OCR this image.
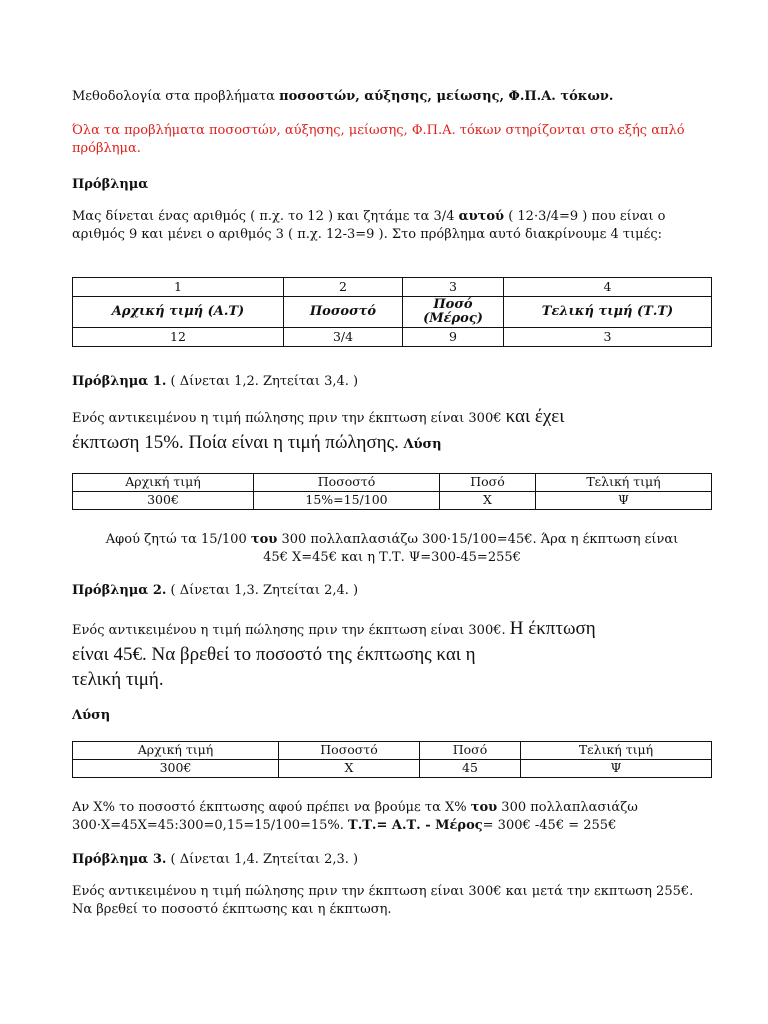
Μεθοδολογία στα προβλήματα ποσοστών, αύξησης, μείωσης, Φ.Π.Α. τόκων.

Όλα τα προβλήματα ποσοστών, αύξησης, μείωσης, Φ.Π.Α. τόκων στηρίζονται στο εξής απλό πρόβλημα.

Πρόβλημα

Μας δίνεται ένας αριθμός ( π.χ. το 12 ) και ζητάμε τα 3/4 αυτού ( 12·3/4=9 ) που είναι ο αριθμός 9 και μένει ο αριθμός 3 ( π.χ. 12-3=9 ). Στο πρόβλημα αυτό διακρίνουμε 4 τιμές:

1	2	3	4
Αρχική τιμή (Α.Τ)	Ποσοστό	Ποσό (Μέρος)	Τελική τιμή (Τ.Τ)
12	3/4	9	3

Πρόβλημα 1. ( Δίνεται 1,2. Ζητείται 3,4. )

Ενός αντικειμένου η τιμή πώλησης πριν την έκπτωση είναι 300€ και έχει
έκπτωση 15%. Ποία είναι η τιμή πώλησης. Λύση

Αρχική τιμή	Ποσοστό	Ποσό	Τελική τιμή
300€	15%=15/100	Χ	Ψ

Αφού ζητώ τα 15/100 του 300 πολλαπλασιάζω 300·15/100=45€. Άρα η έκπτωση είναι
45€ Χ=45€ και η Τ.Τ. Ψ=300-45=255€

Πρόβλημα 2. ( Δίνεται 1,3. Ζητείται 2,4. )

Ενός αντικειμένου η τιμή πώλησης πριν την έκπτωση είναι 300€. Η έκπτωση
είναι 45€. Να βρεθεί το ποσοστό της έκπτωσης και η
τελική τιμή.

Λύση

Αρχική τιμή	Ποσοστό	Ποσό	Τελική τιμή
300€	Χ	45	Ψ

Αν Χ% το ποσοστό έκπτωσης αφού πρέπει να βρούμε τα Χ% του 300 πολλαπλασιάζω
300·Χ=45Χ=45:300=0,15=15/100=15%. Τ.Τ.= Α.Τ. - Μέρος= 300€ -45€ = 255€

Πρόβλημα 3. ( Δίνεται 1,4. Ζητείται 2,3. )

Ενός αντικειμένου η τιμή πώλησης πριν την έκπτωση είναι 300€ και μετά την εκπτωση 255€. Να βρεθεί το ποσοστό έκπτωσης και η έκπτωση.
